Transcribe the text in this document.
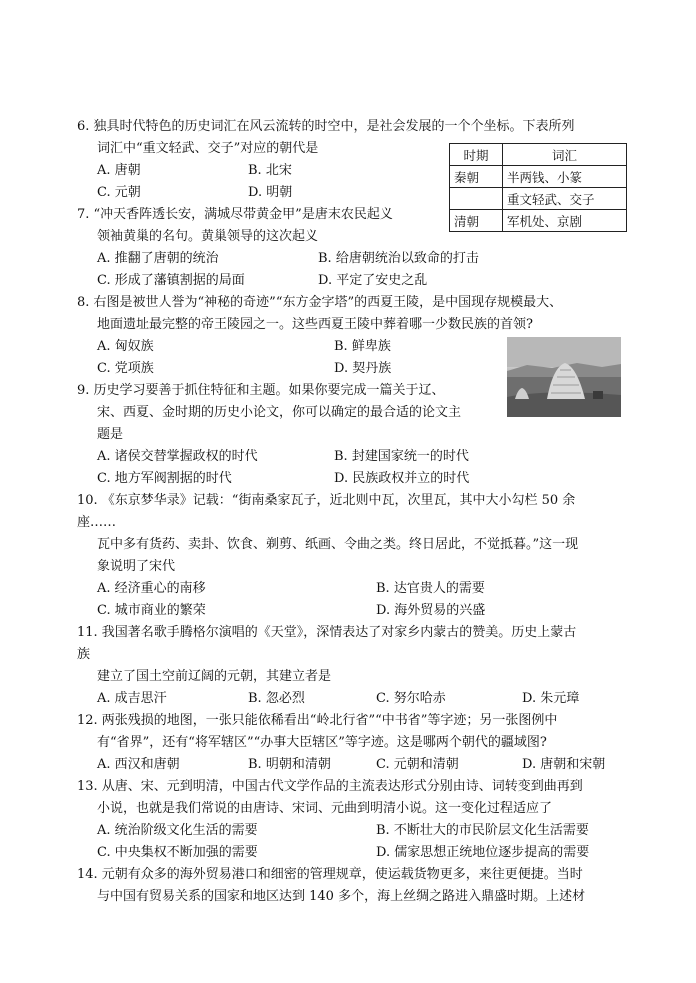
6. 独具时代特色的历史词汇在风云流转的时空中，是社会发展的一个个坐标。下表所列
词汇中“重文轻武、交子”对应的朝代是
A. 唐朝	B. 北宋
C. 元朝	D. 明朝
时期	词汇
秦朝	半两钱、小篆
	重文轻武、交子
清朝	军机处、京剧
7. “冲天香阵透长安，满城尽带黄金甲”是唐末农民起义
领袖黄巢的名句。黄巢领导的这次起义
A. 推翻了唐朝的统治	B. 给唐朝统治以致命的打击
C. 形成了藩镇割据的局面	D. 平定了安史之乱
8. 右图是被世人誉为“神秘的奇迹”“东方金字塔”的西夏王陵，是中国现存规模最大、
地面遗址最完整的帝王陵园之一。这些西夏王陵中葬着哪一少数民族的首领?
A. 匈奴族	B. 鲜卑族
C. 党项族	D. 契丹族
9. 历史学习要善于抓住特征和主题。如果你要完成一篇关于辽、
宋、西夏、金时期的历史小论文，你可以确定的最合适的论文主
题是
A. 诸侯交替掌握政权的时代	B. 封建国家统一的时代
C. 地方军阀割据的时代	D. 民族政权并立的时代
10. 《东京梦华录》记载：“街南桑家瓦子，近北则中瓦，次里瓦，其中大小勾栏 50 余
座……
瓦中多有货药、卖卦、饮食、剃剪、纸画、令曲之类。终日居此，不觉抵暮。”这一现
象说明了宋代
A. 经济重心的南移	B. 达官贵人的需要
C. 城市商业的繁荣	D. 海外贸易的兴盛
11. 我国著名歌手腾格尔演唱的《天堂》，深情表达了对家乡内蒙古的赞美。历史上蒙古
族
建立了国土空前辽阔的元朝，其建立者是
A. 成吉思汗	B. 忽必烈	C. 努尔哈赤	D. 朱元璋
12. 两张残损的地图，一张只能依稀看出“岭北行省”“中书省”等字迹；另一张图例中
有“省界”，还有“将军辖区”“办事大臣辖区”等字迹。这是哪两个朝代的疆域图?
A. 西汉和唐朝	B. 明朝和清朝	C. 元朝和清朝	D. 唐朝和宋朝
13. 从唐、宋、元到明清，中国古代文学作品的主流表达形式分别由诗、词转变到曲再到
小说，也就是我们常说的由唐诗、宋词、元曲到明清小说。这一变化过程适应了
A. 统治阶级文化生活的需要	B. 不断壮大的市民阶层文化生活需要
C. 中央集权不断加强的需要	D. 儒家思想正统地位逐步提高的需要
14. 元朝有众多的海外贸易港口和细密的管理规章，使运载货物更多，来往更便捷。当时
与中国有贸易关系的国家和地区达到 140 多个，海上丝绸之路进入鼎盛时期。上述材
